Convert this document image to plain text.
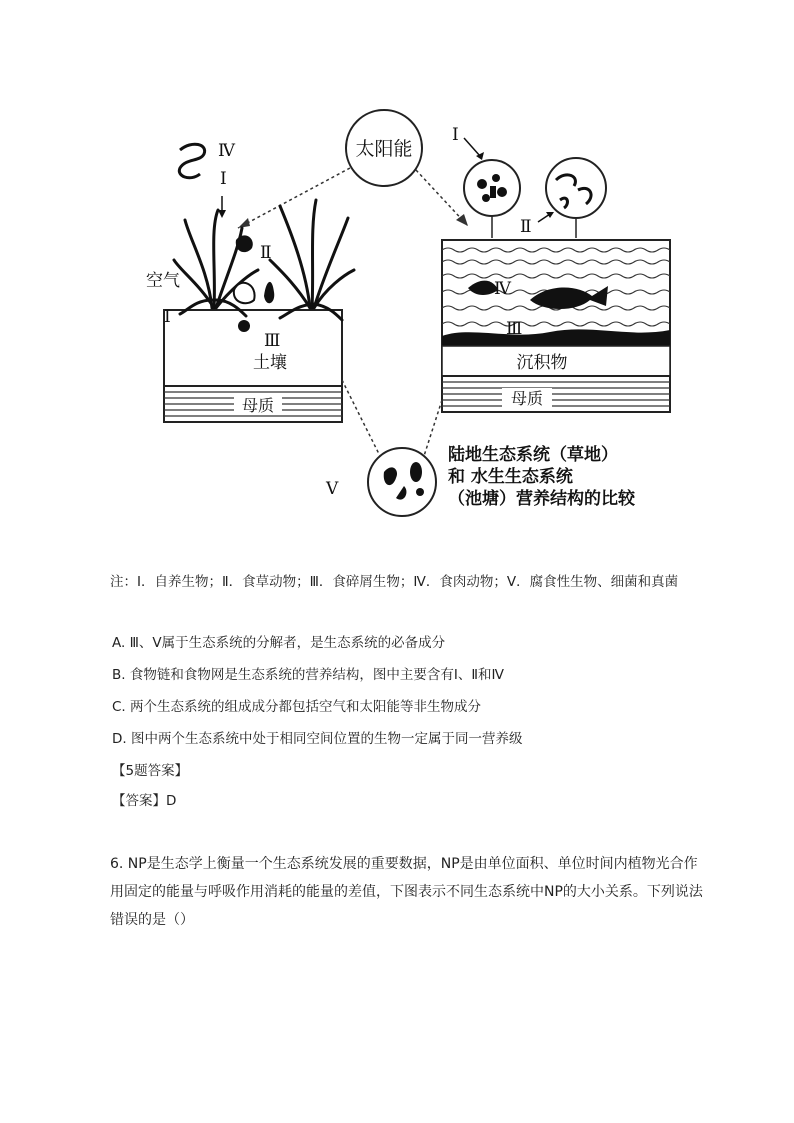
太阳能
土壤
母质
Ⅳ
Ⅰ
Ⅱ
空气
Ⅰ
Ⅲ
沉积物
母质
Ⅳ
Ⅲ
Ⅰ
Ⅱ
Ⅴ
陆地生态系统（草地）
和 水生生态系统
（池塘）营养结构的比较
注：Ⅰ．自养生物；Ⅱ．食草动物；Ⅲ．食碎屑生物；Ⅳ．食肉动物；Ⅴ．腐食性生物、细菌和真菌
A. Ⅲ、Ⅴ属于生态系统的分解者，是生态系统的必备成分
B. 食物链和食物网是生态系统的营养结构，图中主要含有Ⅰ、Ⅱ和Ⅳ
C. 两个生态系统的组成成分都包括空气和太阳能等非生物成分
D. 图中两个生态系统中处于相同空间位置的生物一定属于同一营养级
【5题答案】
【答案】D
6. NP是生态学上衡量一个生态系统发展的重要数据，NP是由单位面积、单位时间内植物光合作用固定的能量与呼吸作用消耗的能量的差值，下图表示不同生态系统中NP的大小关系。下列说法错误的是（）
